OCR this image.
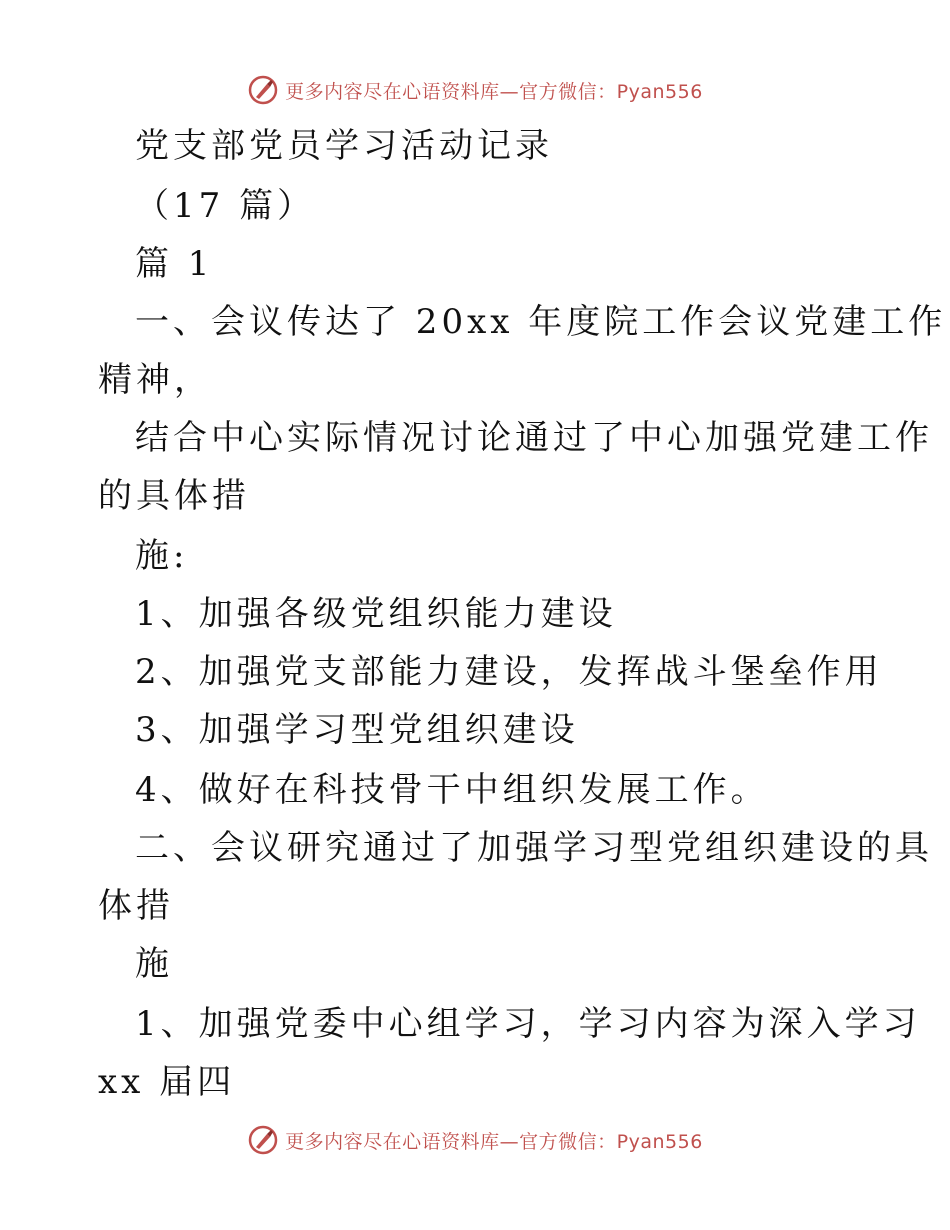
更多内容尽在心语资料库—官方微信：Pyan556
党支部党员学习活动记录
（17 篇）
篇 1
一、会议传达了 20xx 年度院工作会议党建工作
精神，
结合中心实际情况讨论通过了中心加强党建工作
的具体措
施:
1、加强各级党组织能力建设
2、加强党支部能力建设，发挥战斗堡垒作用
3、加强学习型党组织建设
4、做好在科技骨干中组织发展工作。
二、会议研究通过了加强学习型党组织建设的具
体措
施
1、加强党委中心组学习，学习内容为深入学习
xx 届四
更多内容尽在心语资料库—官方微信：Pyan556
